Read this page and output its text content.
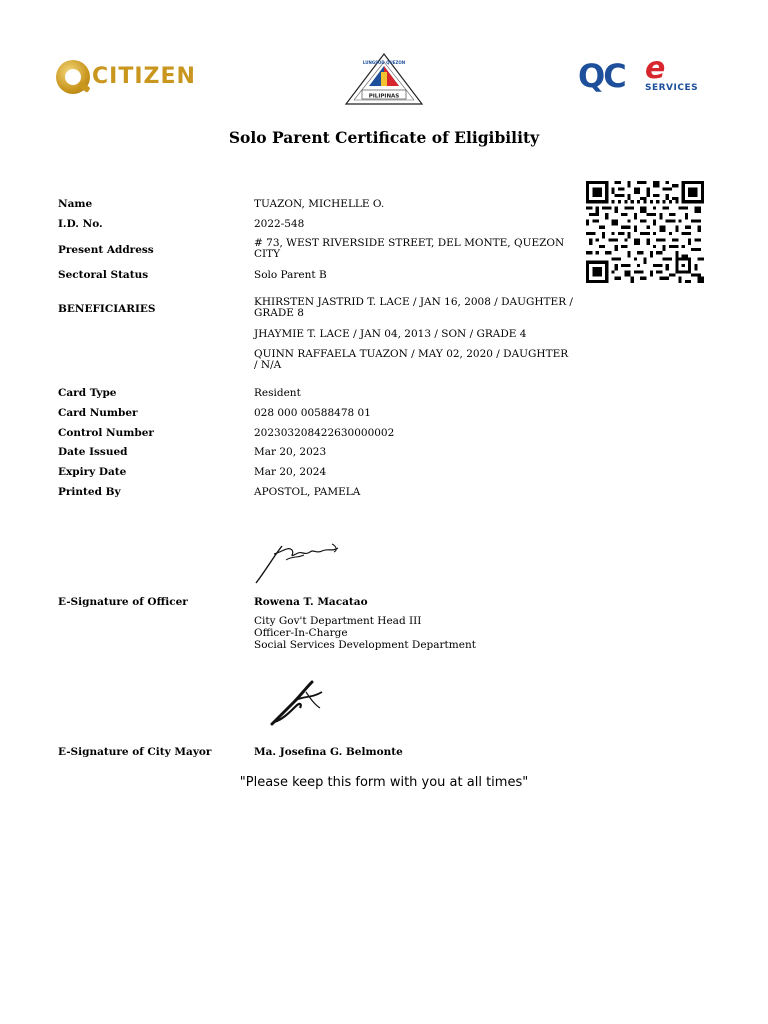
CITIZEN
PILIPINAS
LUNGSOD QUEZON	QC e
SERVICES
Solo Parent Certificate of Eligibility
Name	TUAZON, MICHELLE O.
I.D. No.	2022-548
Present Address
# 73, WEST RIVERSIDE STREET, DEL MONTE, QUEZON CITY
Sectoral Status	Solo Parent B
BENEFICIARIES
KHIRSTEN JASTRID T. LACE / JAN 16, 2008 / DAUGHTER / GRADE 8
JHAYMIE T. LACE / JAN 04, 2013 / SON / GRADE 4
QUINN RAFFAELA TUAZON / MAY 02, 2020 / DAUGHTER / N/A
Card Type	Resident
Card Number	028 000 00588478 01
Control Number	202303208422630000002
Date Issued	Mar 20, 2023
Expiry Date	Mar 20, 2024
Printed By	APOSTOL, PAMELA
E-Signature of Officer	Rowena T. Macatao
City Gov't Department Head III
Officer-In-Charge
Social Services Development Department
E-Signature of City Mayor	Ma. Josefina G. Belmonte
"Please keep this form with you at all times"
